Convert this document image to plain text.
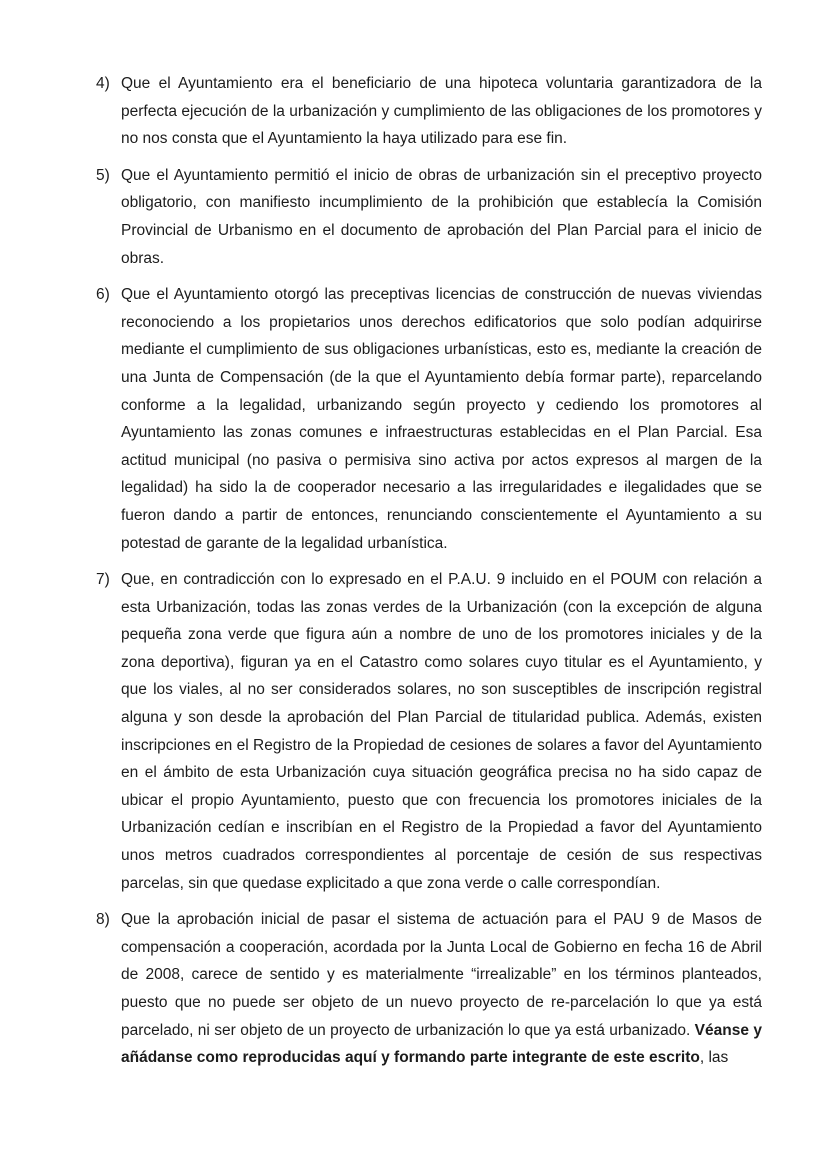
4) Que el Ayuntamiento era el beneficiario de una hipoteca voluntaria garantizadora de la perfecta ejecución de la urbanización y cumplimiento de las obligaciones de los promotores y no nos consta que el Ayuntamiento la haya utilizado para ese fin.

5) Que el Ayuntamiento permitió el inicio de obras de urbanización sin el preceptivo proyecto obligatorio, con manifiesto incumplimiento de la prohibición que establecía la Comisión Provincial de Urbanismo en el documento de aprobación del Plan Parcial para el inicio de obras.

6) Que el Ayuntamiento otorgó las preceptivas licencias de construcción de nuevas viviendas reconociendo a los propietarios unos derechos edificatorios que solo podían adquirirse mediante el cumplimiento de sus obligaciones urbanísticas, esto es, mediante la creación de una Junta de Compensación (de la que el Ayuntamiento debía formar parte), reparcelando conforme a la legalidad, urbanizando según proyecto y cediendo los promotores al Ayuntamiento las zonas comunes e infraestructuras establecidas en el Plan Parcial. Esa actitud municipal (no pasiva o permisiva sino activa por actos expresos al margen de la legalidad) ha sido la de cooperador necesario a las irregularidades e ilegalidades que se fueron dando a partir de entonces, renunciando conscientemente el Ayuntamiento a su potestad de garante de la legalidad urbanística.

7) Que, en contradicción con lo expresado en el P.A.U. 9 incluido en el POUM con relación a esta Urbanización, todas las zonas verdes de la Urbanización (con la excepción de alguna pequeña zona verde que figura aún a nombre de uno de los promotores iniciales y de la zona deportiva), figuran ya en el Catastro como solares cuyo titular es el Ayuntamiento, y que los viales, al no ser considerados solares, no son susceptibles de inscripción registral alguna y son desde la aprobación del Plan Parcial de titularidad publica. Además, existen inscripciones en el Registro de la Propiedad de cesiones de solares a favor del Ayuntamiento en el ámbito de esta Urbanización cuya situación geográfica precisa no ha sido capaz de ubicar el propio Ayuntamiento, puesto que con frecuencia los promotores iniciales de la Urbanización cedían e inscribían en el Registro de la Propiedad a favor del Ayuntamiento unos metros cuadrados correspondientes al porcentaje de cesión de sus respectivas parcelas, sin que quedase explicitado a que zona verde o calle correspondían.

8) Que la aprobación inicial de pasar el sistema de actuación para el PAU 9 de Masos de compensación a cooperación, acordada por la Junta Local de Gobierno en fecha 16 de Abril de 2008, carece de sentido y es materialmente “irrealizable” en los términos planteados, puesto que no puede ser objeto de un nuevo proyecto de re-parcelación lo que ya está parcelado, ni ser objeto de un proyecto de urbanización lo que ya está urbanizado. Véanse y añádanse como reproducidas aquí y formando parte integrante de este escrito, las
